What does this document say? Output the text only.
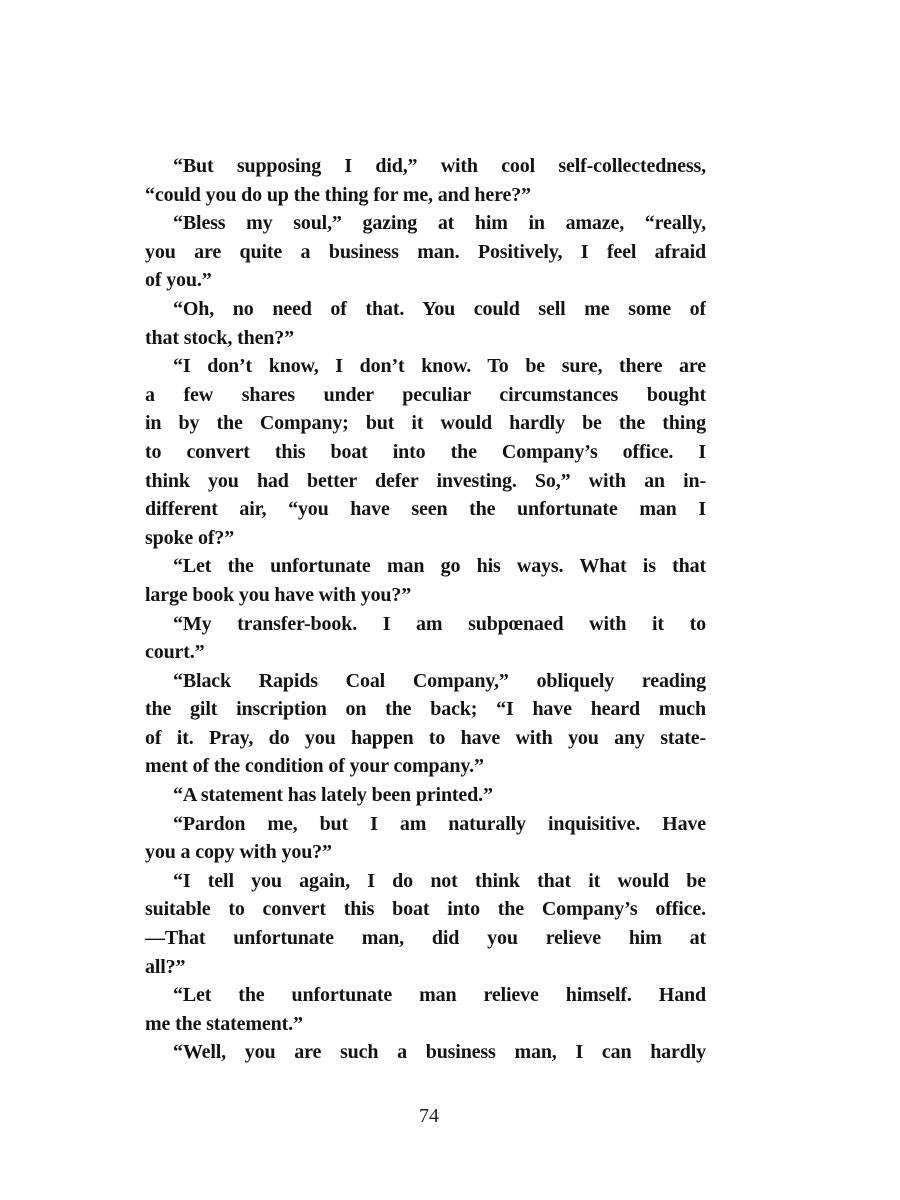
“But supposing I did,” with cool self-collectedness,
“could you do up the thing for me, and here?”
“Bless my soul,” gazing at him in amaze, “really,
you are quite a business man. Positively, I feel afraid
of you.”
“Oh, no need of that. You could sell me some of
that stock, then?”
“I don’t know, I don’t know. To be sure, there are
a few shares under peculiar circumstances bought
in by the Company; but it would hardly be the thing
to convert this boat into the Company’s office. I
think you had better defer investing. So,” with an in-
different air, “you have seen the unfortunate man I
spoke of?”
“Let the unfortunate man go his ways. What is that
large book you have with you?”
“My transfer-book. I am subpœnaed with it to
court.”
“Black Rapids Coal Company,” obliquely reading
the gilt inscription on the back; “I have heard much
of it. Pray, do you happen to have with you any state-
ment of the condition of your company.”
“A statement has lately been printed.”
“Pardon me, but I am naturally inquisitive. Have
you a copy with you?”
“I tell you again, I do not think that it would be
suitable to convert this boat into the Company’s office.
—That unfortunate man, did you relieve him at
all?”
“Let the unfortunate man relieve himself. Hand
me the statement.”
“Well, you are such a business man, I can hardly
74
